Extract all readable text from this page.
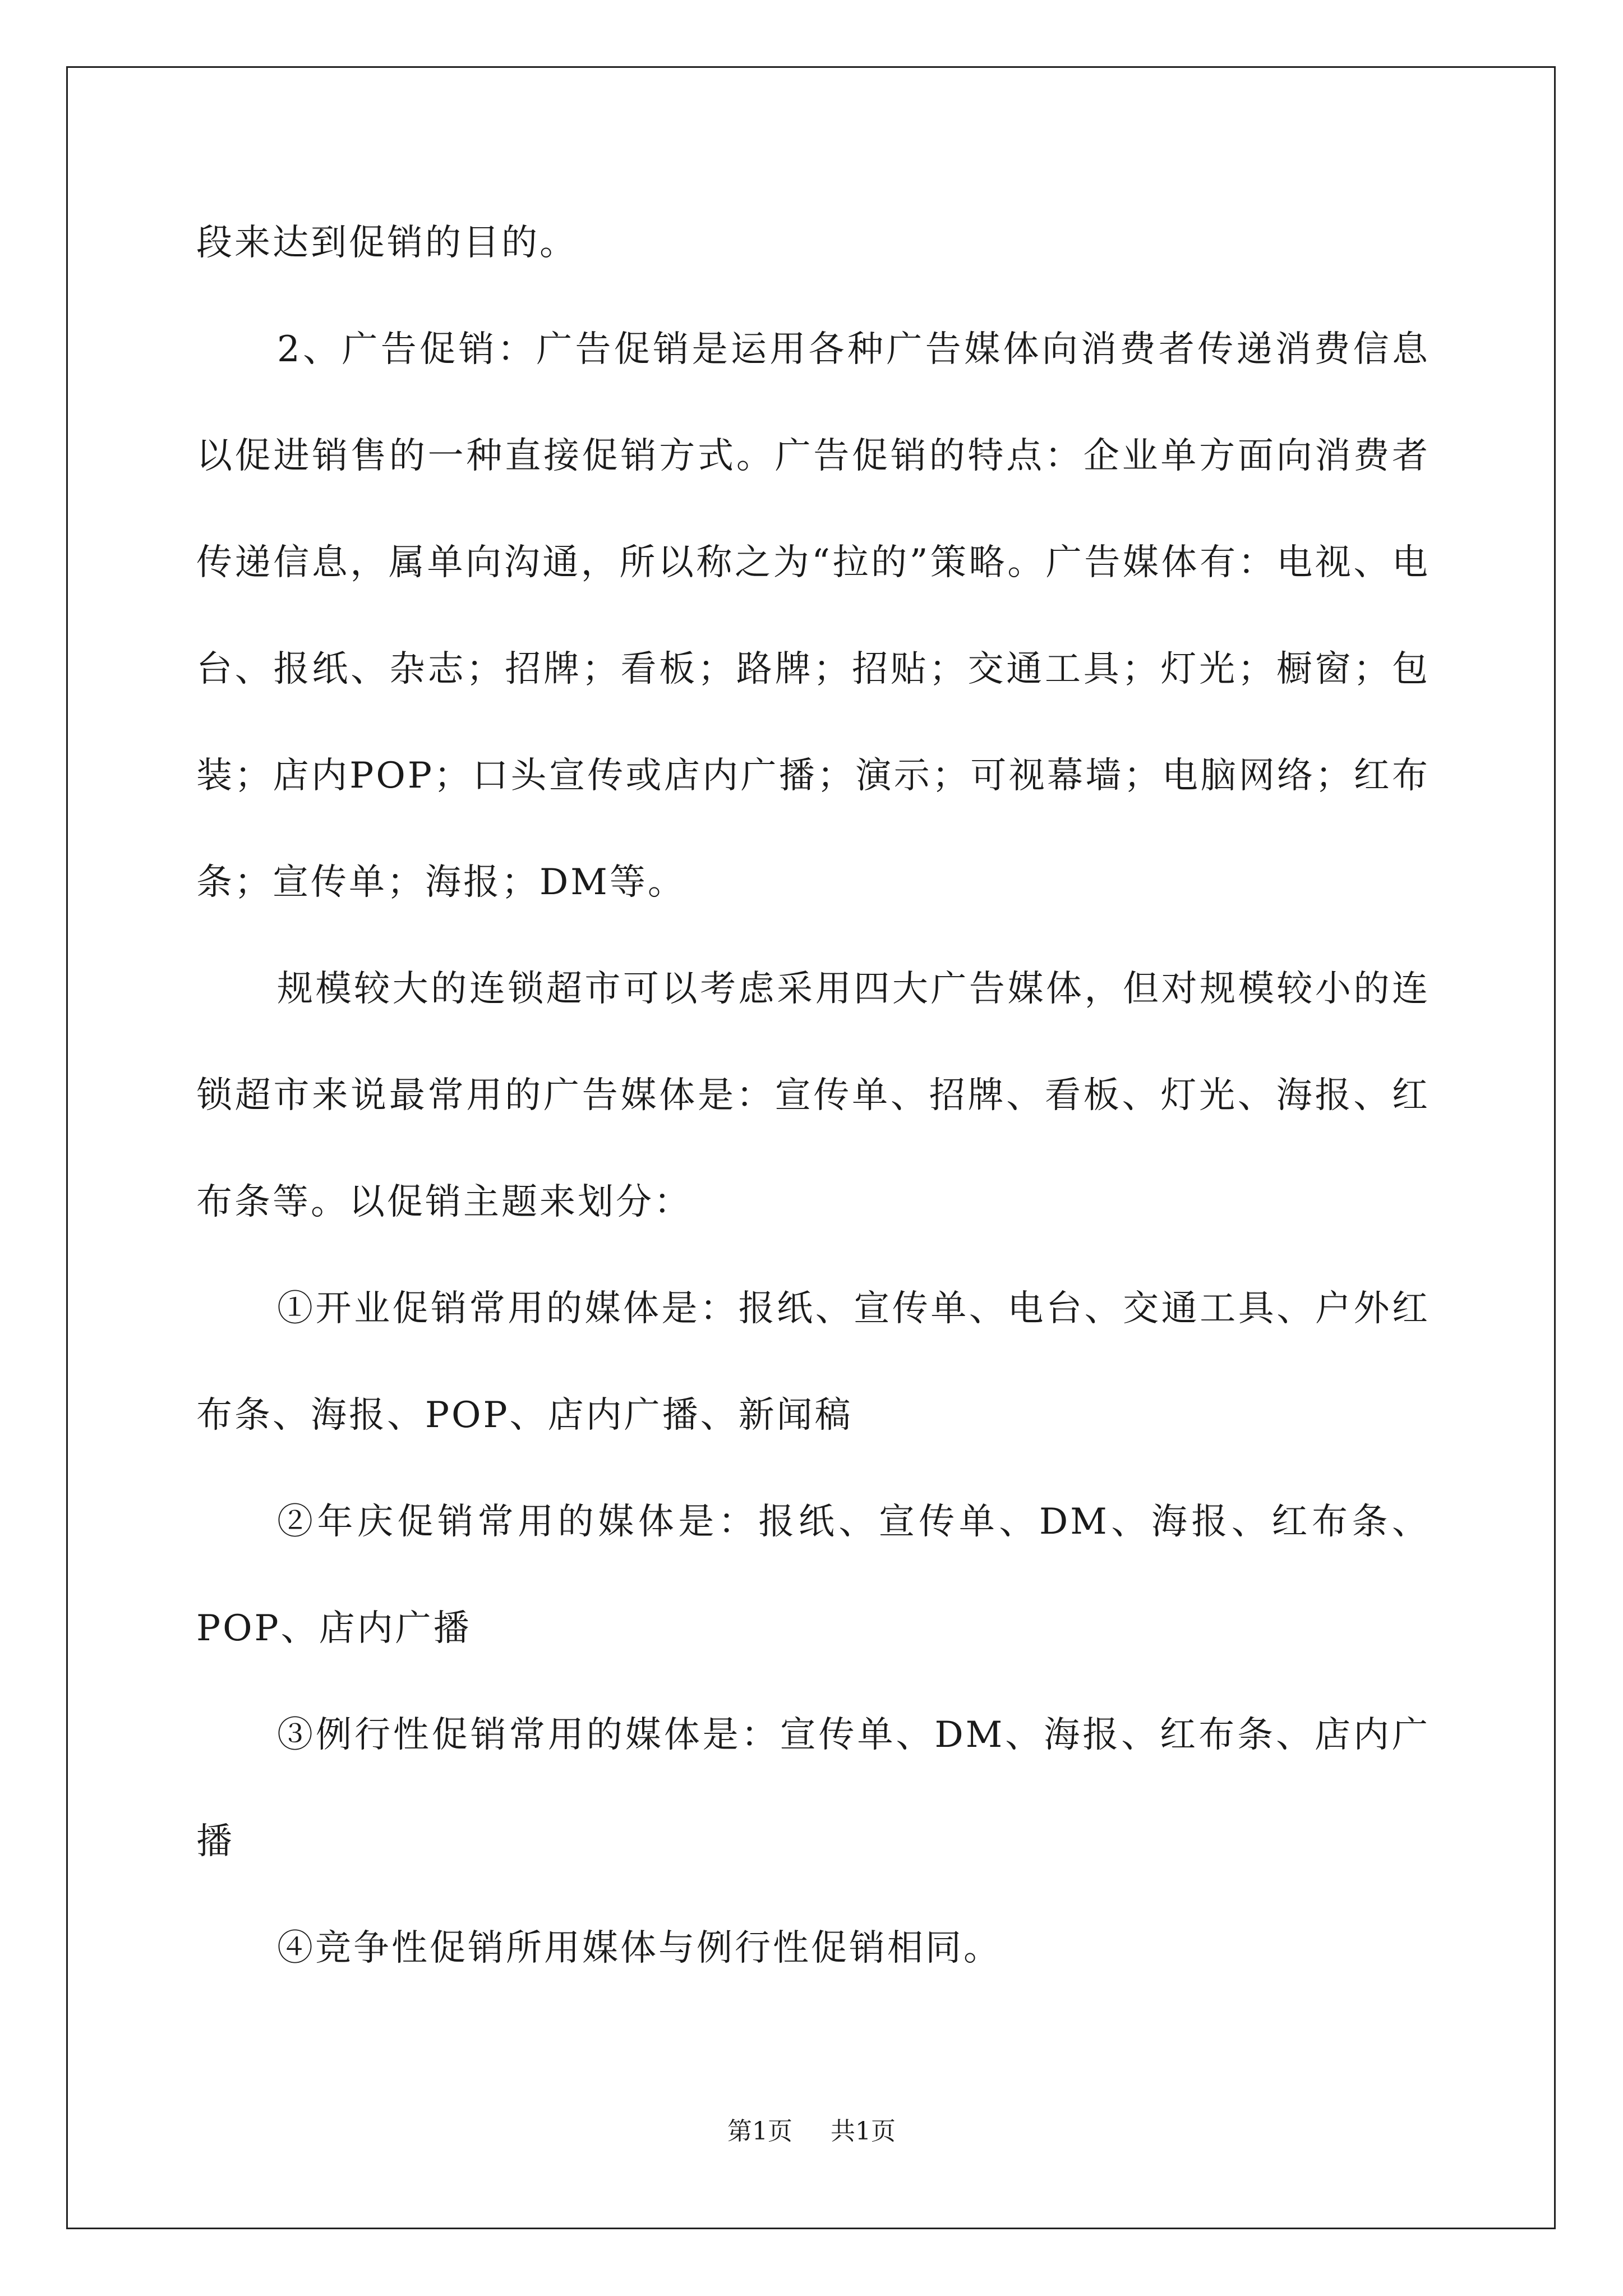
段来达到促销的目的。

2、广告促销：广告促销是运用各种广告媒体向消费者传递消费信息以促进销售的一种直接促销方式。广告促销的特点：企业单方面向消费者传递信息，属单向沟通，所以称之为“拉的”策略。广告媒体有：电视、电台、报纸、杂志；招牌；看板；路牌；招贴；交通工具；灯光；橱窗；包装；店内POP；口头宣传或店内广播；演示；可视幕墙；电脑网络；红布条；宣传单；海报；DM等。

规模较大的连锁超市可以考虑采用四大广告媒体，但对规模较小的连锁超市来说最常用的广告媒体是：宣传单、招牌、看板、灯光、海报、红布条等。以促销主题来划分：

①开业促销常用的媒体是：报纸、宣传单、电台、交通工具、户外红布条、海报、POP、店内广播、新闻稿

②年庆促销常用的媒体是：报纸、宣传单、DM、海报、红布条、POP、店内广播

③例行性促销常用的媒体是：宣传单、DM、海报、红布条、店内广播

④竞争性促销所用媒体与例行性促销相同。

第1页 共1页
